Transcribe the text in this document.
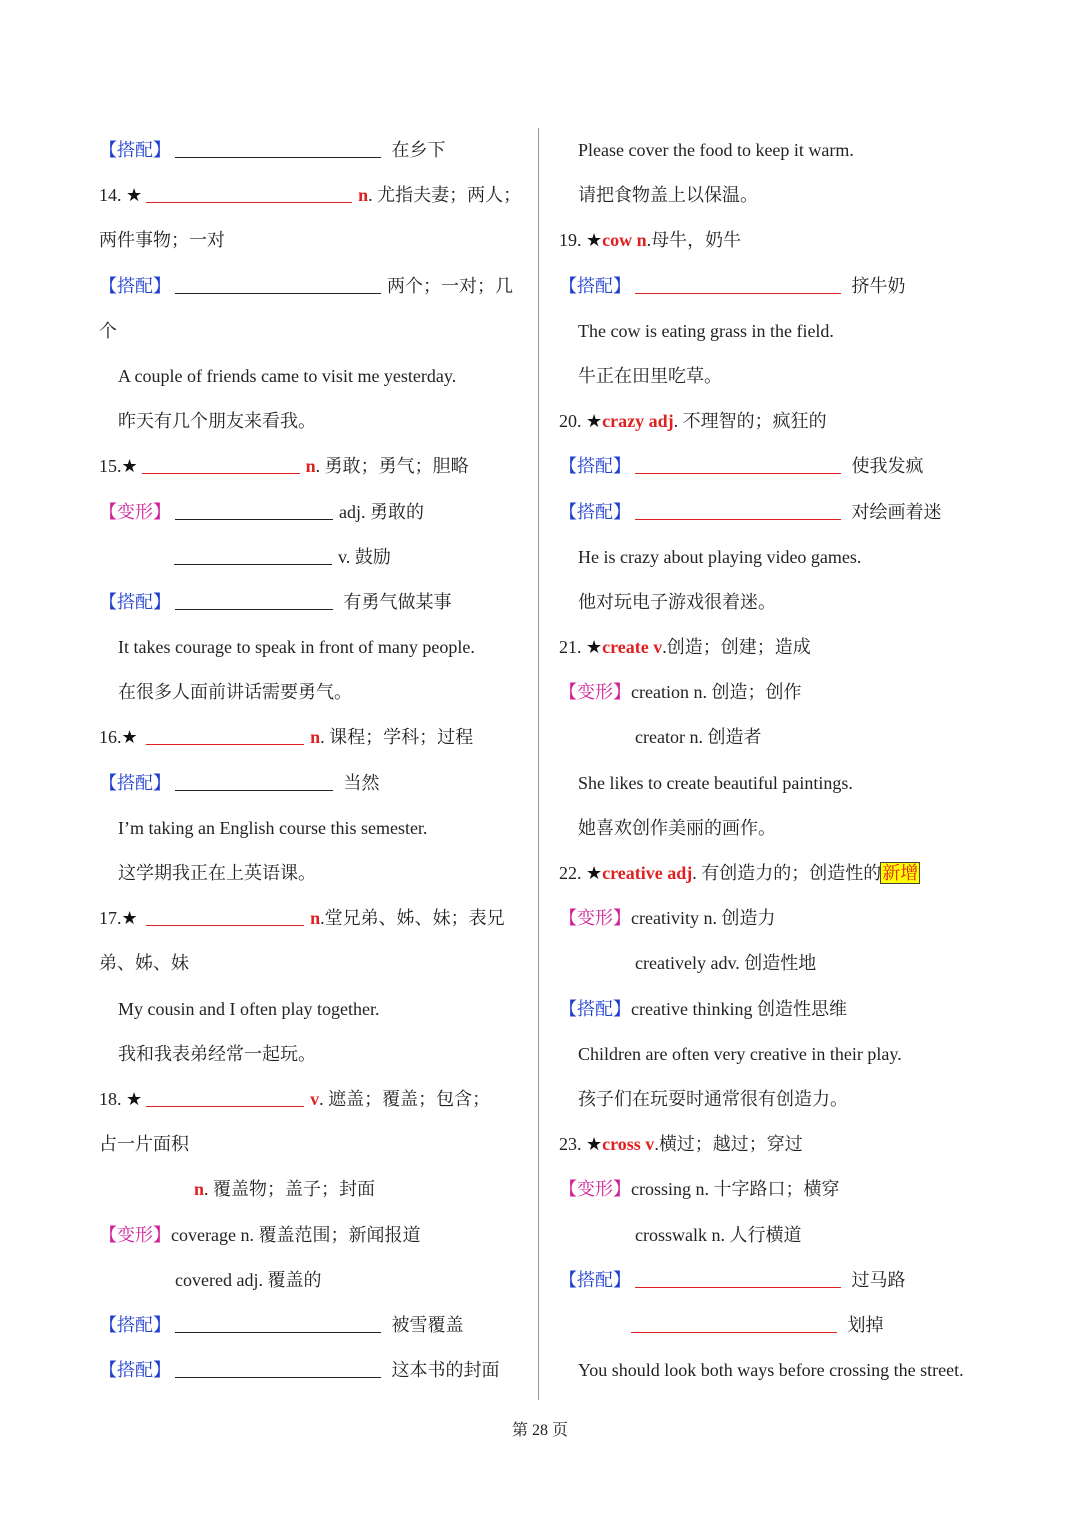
【搭配】	在乡下
14. ★	n. 尤指夫妻；两人；
两件事物；一对
【搭配】	两个；一对；几
个
A couple of friends came to visit me yesterday.
昨天有几个朋友来看我。
15.★	n. 勇敢；勇气；胆略
【变形】	adj. 勇敢的
v. 鼓励
【搭配】	有勇气做某事
It takes courage to speak in front of many people.
在很多人面前讲话需要勇气。
16.★	n. 课程；学科；过程
【搭配】	当然
I’m taking an English course this semester.
这学期我正在上英语课。
17.★	n.堂兄弟、姊、妹；表兄
弟、姊、妹
My cousin and I often play together.
我和我表弟经常一起玩。
18. ★	v. 遮盖；覆盖；包含；
占一片面积
n. 覆盖物；盖子；封面
【变形】coverage n. 覆盖范围；新闻报道
covered adj. 覆盖的
【搭配】	被雪覆盖
【搭配】	这本书的封面
Please cover the food to keep it warm.
请把食物盖上以保温。
19. ★cow n.母牛，奶牛
【搭配】	挤牛奶
The cow is eating grass in the field.
牛正在田里吃草。
20. ★crazy adj. 不理智的；疯狂的
【搭配】	使我发疯
【搭配】	对绘画着迷
He is crazy about playing video games.
他对玩电子游戏很着迷。
21. ★create v.创造；创建；造成
【变形】creation n. 创造；创作
creator n. 创造者
She likes to create beautiful paintings.
她喜欢创作美丽的画作。
22. ★creative adj. 有创造力的；创造性的新增
【变形】creativity n. 创造力
creatively adv. 创造性地
【搭配】creative thinking 创造性思维
Children are often very creative in their play.
孩子们在玩耍时通常很有创造力。
23. ★cross v.横过；越过；穿过
【变形】crossing n. 十字路口；横穿
crosswalk n. 人行横道
【搭配】	过马路
划掉
You should look both ways before crossing the street.
第 28 页
